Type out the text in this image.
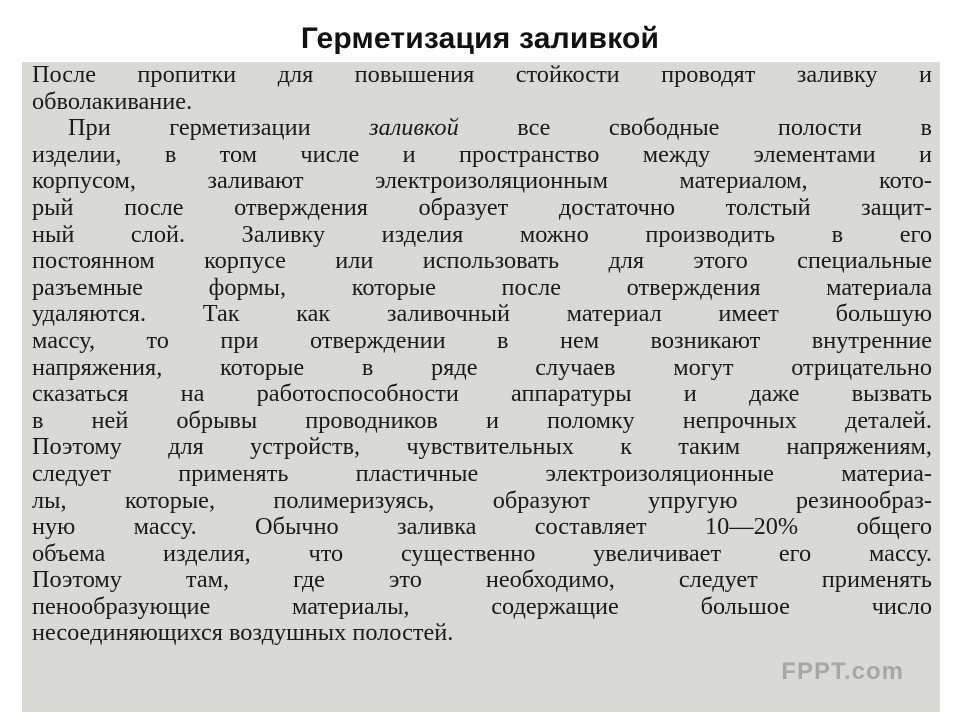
Герметизация заливкой
После пропитки для повышения стойкости проводят заливку и
обволакивание.
При герметизации заливкой все свободные полости в
изделии, в том числе и пространство между элементами и
корпусом, заливают электроизоляционным материалом, кото-
рый после отверждения образует достаточно толстый защит-
ный слой. Заливку изделия можно производить в его
постоянном корпусе или использовать для этого специальные
разъемные формы, которые после отверждения материала
удаляются. Так как заливочный материал имеет большую
массу, то при отверждении в нем возникают внутренние
напряжения, которые в ряде случаев могут отрицательно
сказаться на работоспособности аппаратуры и даже вызвать
в ней обрывы проводников и поломку непрочных деталей.
Поэтому для устройств, чувствительных к таким напряжениям,
следует применять пластичные электроизоляционные материа-
лы, которые, полимеризуясь, образуют упругую резинообраз-
ную массу. Обычно заливка составляет 10—20% общего
объема изделия, что существенно увеличивает его массу.
Поэтому там, где это необходимо, следует применять
пенообразующие материалы, содержащие большое число
несоединяющихся воздушных полостей.
FPPT.com
